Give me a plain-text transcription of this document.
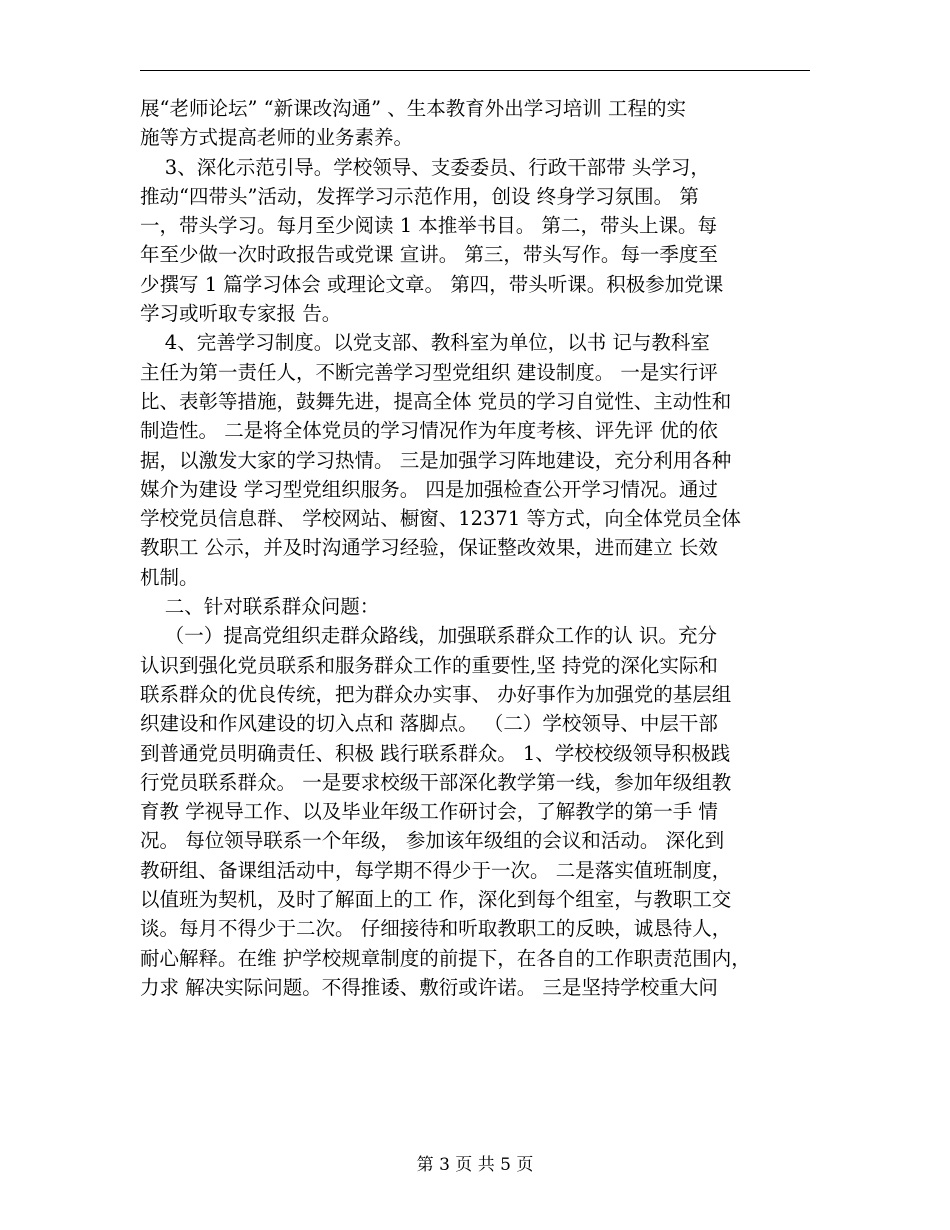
展“老师论坛” “新课改沟通” 、生本教育外出学习培训 工程的实
施等方式提高老师的业务素养。
3、深化示范引导。学校领导、支委委员、行政干部带 头学习，
推动“四带头”活动，发挥学习示范作用，创设 终身学习氛围。 第
一，带头学习。每月至少阅读 1 本推举书目。 第二，带头上课。每
年至少做一次时政报告或党课 宣讲。 第三，带头写作。每一季度至
少撰写 1 篇学习体会 或理论文章。 第四，带头听课。积极参加党课
学习或听取专家报 告。
4、完善学习制度。以党支部、教科室为单位，以书 记与教科室
主任为第一责任人，不断完善学习型党组织 建设制度。 一是实行评
比、表彰等措施，鼓舞先进，提高全体 党员的学习自觉性、主动性和
制造性。 二是将全体党员的学习情况作为年度考核、评先评 优的依
据，以激发大家的学习热情。 三是加强学习阵地建设，充分利用各种
媒介为建设 学习型党组织服务。 四是加强检查公开学习情况。通过
学校党员信息群、 学校网站、橱窗、12371 等方式，向全体党员全体
教职工 公示，并及时沟通学习经验，保证整改效果，进而建立 长效
机制。
二、针对联系群众问题：
（一）提高党组织走群众路线，加强联系群众工作的认 识。充分
认识到强化党员联系和服务群众工作的重要性,坚 持党的深化实际和
联系群众的优良传统，把为群众办实事、 办好事作为加强党的基层组
织建设和作风建设的切入点和 落脚点。 （二）学校领导、中层干部
到普通党员明确责任、积极 践行联系群众。 1、学校校级领导积极践
行党员联系群众。 一是要求校级干部深化教学第一线，参加年级组教
育教 学视导工作、以及毕业年级工作研讨会，了解教学的第一手 情
况。 每位领导联系一个年级， 参加该年级组的会议和活动。 深化到
教研组、备课组活动中，每学期不得少于一次。 二是落实值班制度，
以值班为契机，及时了解面上的工 作，深化到每个组室，与教职工交
谈。每月不得少于二次。 仔细接待和听取教职工的反映，诚恳待人，
耐心解释。在维 护学校规章制度的前提下，在各自的工作职责范围内，
力求 解决实际问题。不得推诿、敷衍或许诺。 三是坚持学校重大问
第 3 页 共 5 页
